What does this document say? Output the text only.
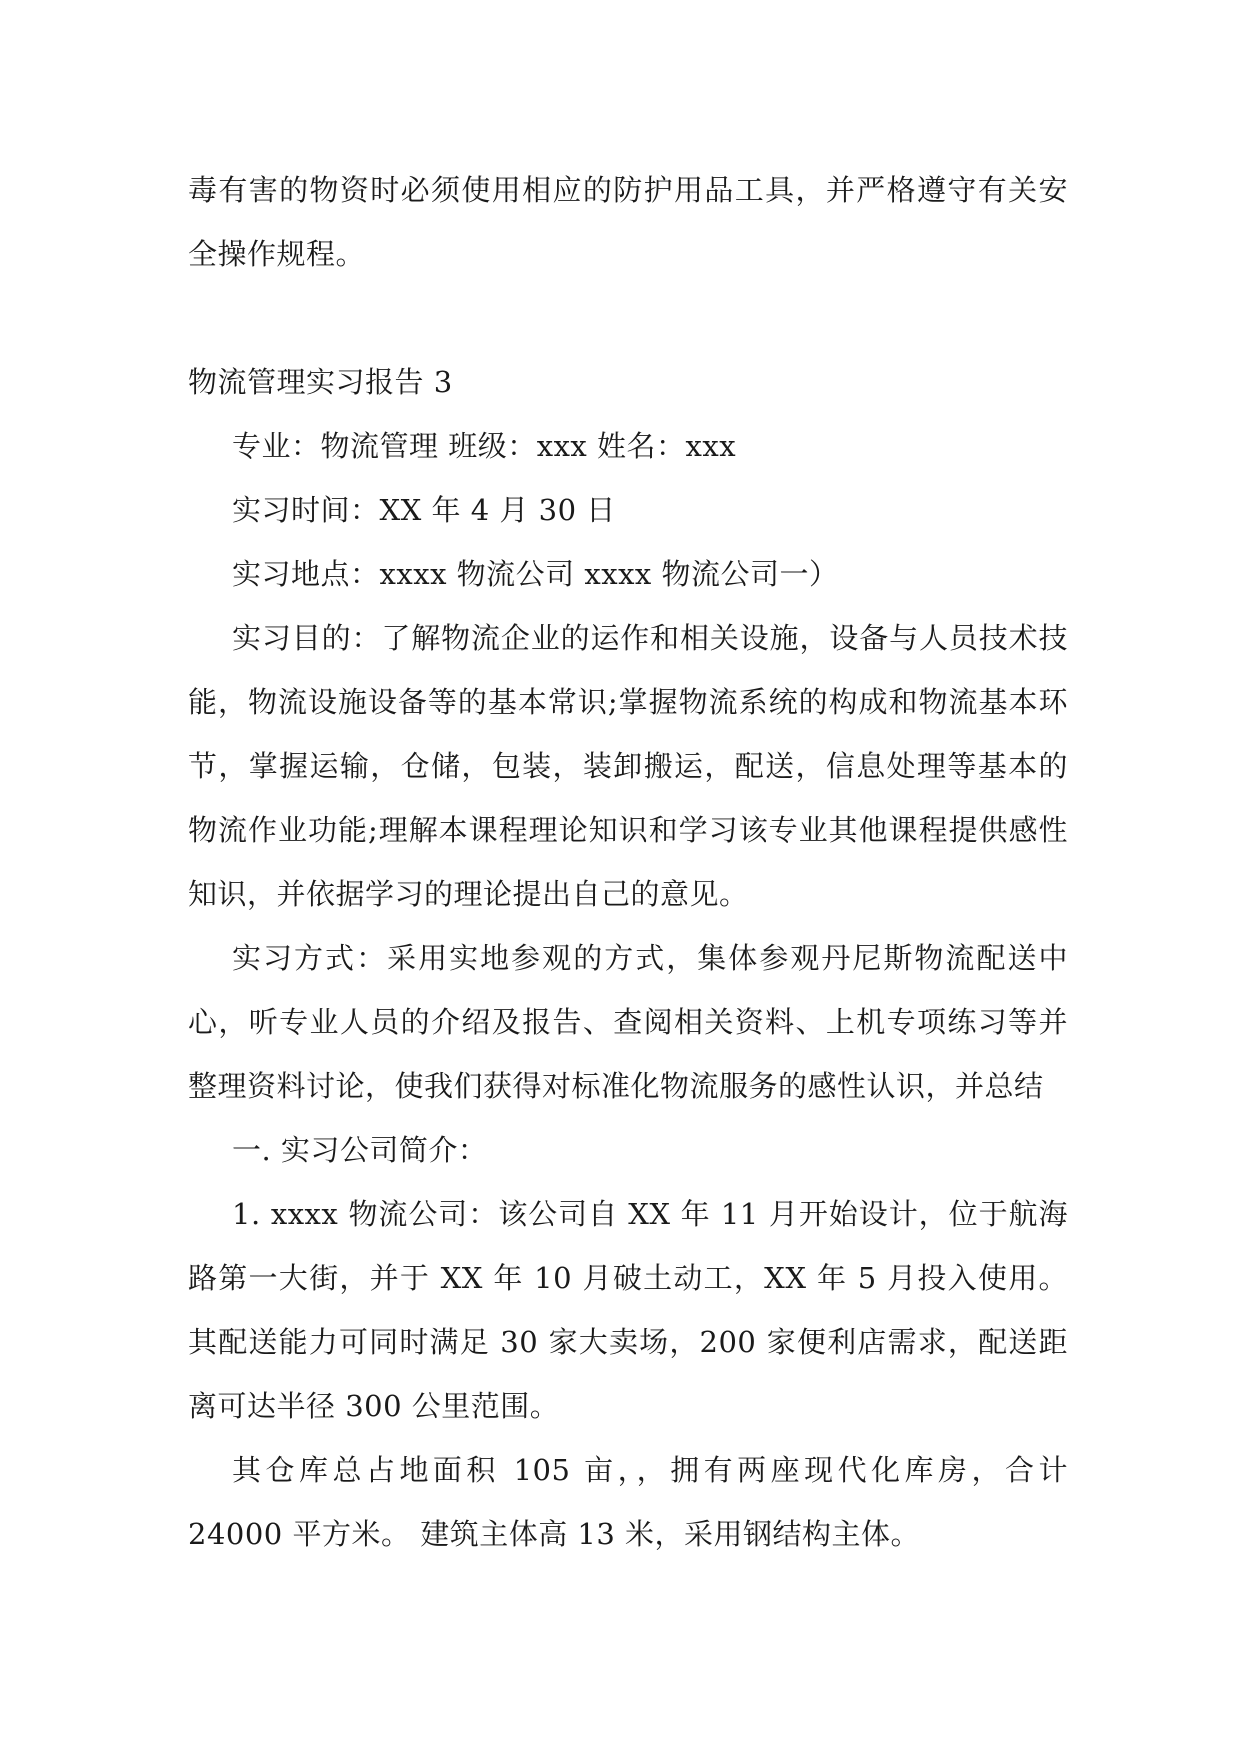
毒有害的物资时必须使用相应的防护用品工具，并严格遵守有关安全操作规程。

物流管理实习报告 3

专业：物流管理 班级：xxx 姓名：xxx

实习时间：XX 年 4 月 30 日

实习地点：xxxx 物流公司 xxxx 物流公司一）

实习目的：了解物流企业的运作和相关设施，设备与人员技术技能，物流设施设备等的基本常识;掌握物流系统的构成和物流基本环节，掌握运输，仓储，包装，装卸搬运，配送，信息处理等基本的物流作业功能;理解本课程理论知识和学习该专业其他课程提供感性知识，并依据学习的理论提出自己的意见。

实习方式：采用实地参观的方式，集体参观丹尼斯物流配送中心，听专业人员的介绍及报告、查阅相关资料、上机专项练习等并整理资料讨论，使我们获得对标准化物流服务的感性认识，并总结

一. 实习公司简介：

1. xxxx 物流公司：该公司自 XX 年 11 月开始设计，位于航海路第一大街，并于 XX 年 10 月破土动工，XX 年 5 月投入使用。其配送能力可同时满足 30 家大卖场，200 家便利店需求，配送距离可达半径 300 公里范围。

其仓库总占地面积 105 亩，，拥有两座现代化库房，合计 24000 平方米。 建筑主体高 13 米，采用钢结构主体。
